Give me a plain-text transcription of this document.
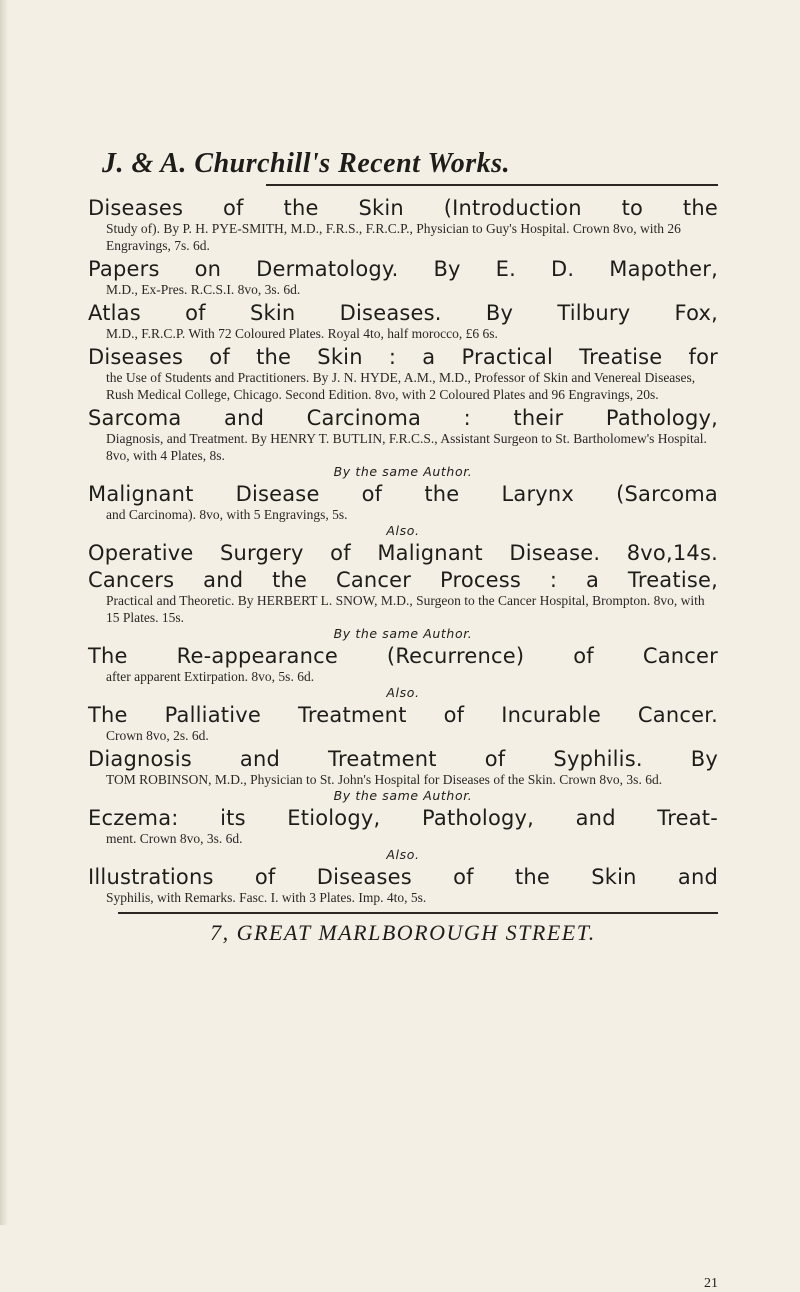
J. & A. Churchill's Recent Works.
Diseases of the Skin (Introduction to the
Study of). By P. H. PYE-SMITH, M.D., F.R.S., F.R.C.P., Physician to Guy's Hospital. Crown 8vo, with 26 Engravings, 7s. 6d.
Papers on Dermatology. By E. D. Mapother,
M.D., Ex-Pres. R.C.S.I. 8vo, 3s. 6d.
Atlas of Skin Diseases. By Tilbury Fox,
M.D., F.R.C.P. With 72 Coloured Plates. Royal 4to, half morocco, £6 6s.
Diseases of the Skin : a Practical Treatise for
the Use of Students and Practitioners. By J. N. HYDE, A.M., M.D., Professor of Skin and Venereal Diseases, Rush Medical College, Chicago. Second Edition. 8vo, with 2 Coloured Plates and 96 Engravings, 20s.
Sarcoma and Carcinoma : their Pathology,
Diagnosis, and Treatment. By HENRY T. BUTLIN, F.R.C.S., Assistant Surgeon to St. Bartholomew's Hospital. 8vo, with 4 Plates, 8s.
By the same Author.
Malignant Disease of the Larynx (Sarcoma
and Carcinoma). 8vo, with 5 Engravings, 5s.
Also.
Operative Surgery of Malignant Disease. 8vo,14s.
Cancers and the Cancer Process : a Treatise,
Practical and Theoretic. By HERBERT L. SNOW, M.D., Surgeon to the Cancer Hospital, Brompton. 8vo, with 15 Plates. 15s.
By the same Author.
The Re-appearance (Recurrence) of Cancer
after apparent Extirpation. 8vo, 5s. 6d.
Also.
The Palliative Treatment of Incurable Cancer.
Crown 8vo, 2s. 6d.
Diagnosis and Treatment of Syphilis. By
TOM ROBINSON, M.D., Physician to St. John's Hospital for Diseases of the Skin. Crown 8vo, 3s. 6d.
By the same Author.
Eczema: its Etiology, Pathology, and Treat-
ment. Crown 8vo, 3s. 6d.
Also.
Illustrations of Diseases of the Skin and
Syphilis, with Remarks. Fasc. I. with 3 Plates. Imp. 4to, 5s.
7, GREAT MARLBOROUGH STREET.
21
